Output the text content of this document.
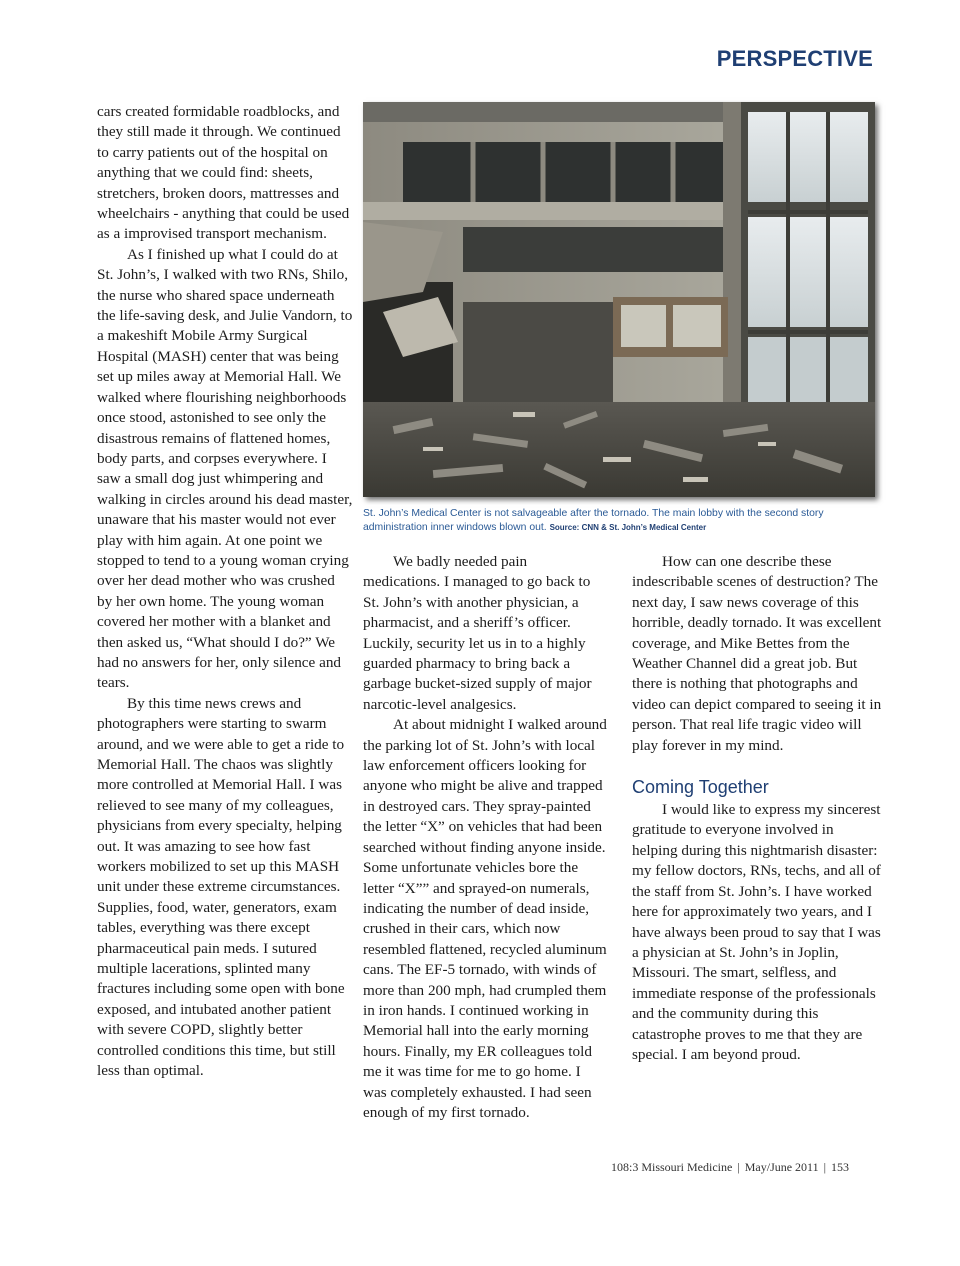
PERSPECTIVE

cars created formidable roadblocks, and they still made it through. We continued to carry patients out of the hospital on anything that we could find: sheets, stretchers, broken doors, mattresses and wheelchairs - anything that could be used as a improvised transport mechanism.

As I finished up what I could do at St. John’s, I walked with two RNs, Shilo, the nurse who shared space underneath the life-saving desk, and Julie Vandorn, to a makeshift Mobile Army Surgical Hospital (MASH) center that was being set up miles away at Memorial Hall. We walked where flourishing neighborhoods once stood, astonished to see only the disastrous remains of flattened homes, body parts, and corpses everywhere. I saw a small dog just whimpering and walking in circles around his dead master, unaware that his master would not ever play with him again. At one point we stopped to tend to a young woman crying over her dead mother who was crushed by her own home. The young woman covered her mother with a blanket and then asked us, “What should I do?” We had no answers for her, only silence and tears.

By this time news crews and photographers were starting to swarm around, and we were able to get a ride to Memorial Hall. The chaos was slightly more controlled at Memorial Hall. I was relieved to see many of my colleagues, physicians from every specialty, helping out. It was amazing to see how fast workers mobilized to set up this MASH unit under these extreme circumstances. Supplies, food, water, generators, exam tables, everything was there except pharmaceutical pain meds. I sutured multiple lacerations, splinted many fractures including some open with bone exposed, and intubated another patient with severe COPD, slightly better controlled conditions this time, but still less than optimal.

St. John’s Medical Center is not salvageable after the tornado. The main lobby with the second story administration inner windows blown out. Source: CNN & St. John’s Medical Center

We badly needed pain medications. I managed to go back to St. John’s with another physician, a pharmacist, and a sheriff’s officer. Luckily, security let us in to a highly guarded pharmacy to bring back a garbage bucket-sized supply of major narcotic-level analgesics.

At about midnight I walked around the parking lot of St. John’s with local law enforcement officers looking for anyone who might be alive and trapped in destroyed cars. They spray-painted the letter “X” on vehicles that had been searched without finding anyone inside. Some unfortunate vehicles bore the letter “X”” and sprayed-on numerals, indicating the number of dead inside, crushed in their cars, which now resembled flattened, recycled aluminum cans. The EF-5 tornado, with winds of more than 200 mph, had crumpled them in iron hands. I continued working in Memorial hall into the early morning hours. Finally, my ER colleagues told me it was time for me to go home. I was completely exhausted. I had seen enough of my first tornado.

How can one describe these indescribable scenes of destruction? The next day, I saw news coverage of this horrible, deadly tornado. It was excellent coverage, and Mike Bettes from the Weather Channel did a great job. But there is nothing that photographs and video can depict compared to seeing it in person. That real life tragic video will play forever in my mind.

Coming Together

I would like to express my sincerest gratitude to everyone involved in helping during this nightmarish disaster: my fellow doctors, RNs, techs, and all of the staff from St. John’s. I have worked here for approximately two years, and I have always been proud to say that I was a physician at St. John’s in Joplin, Missouri. The smart, selfless, and immediate response of the professionals and the community during this catastrophe proves to me that they are special. I am beyond proud.

108:3 Missouri Medicine | May/June 2011 | 153
